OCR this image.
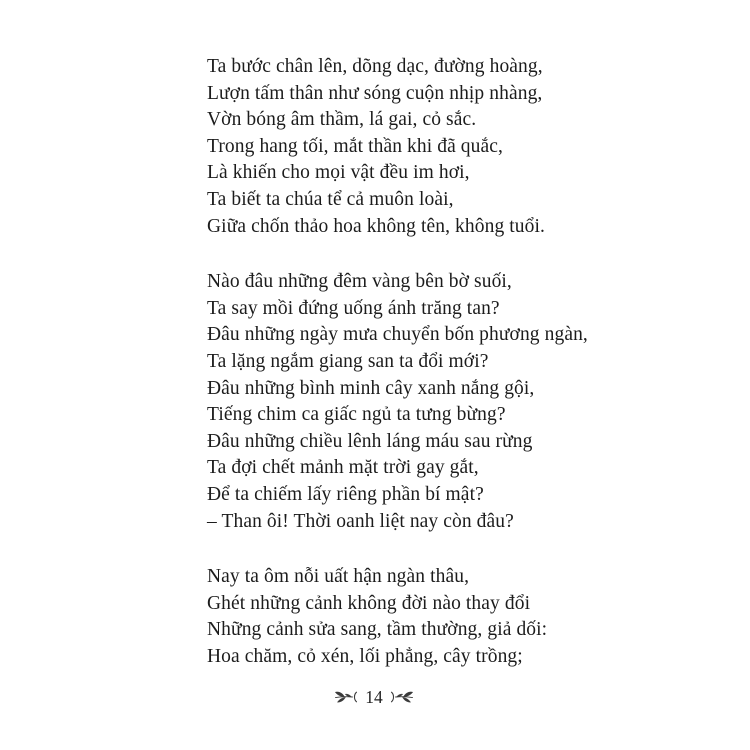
Ta bước chân lên, dõng dạc, đường hoàng,
Lượn tấm thân như sóng cuộn nhịp nhàng,
Vờn bóng âm thầm, lá gai, cỏ sắc.
Trong hang tối, mắt thần khi đã quắc,
Là khiến cho mọi vật đều im hơi,
Ta biết ta chúa tể cả muôn loài,
Giữa chốn thảo hoa không tên, không tuổi.
Nào đâu những đêm vàng bên bờ suối,
Ta say mồi đứng uống ánh trăng tan?
Đâu những ngày mưa chuyển bốn phương ngàn,
Ta lặng ngắm giang san ta đổi mới?
Đâu những bình minh cây xanh nắng gội,
Tiếng chim ca giấc ngủ ta tưng bừng?
Đâu những chiều lênh láng máu sau rừng
Ta đợi chết mảnh mặt trời gay gắt,
Để ta chiếm lấy riêng phần bí mật?
– Than ôi! Thời oanh liệt nay còn đâu?
Nay ta ôm nỗi uất hận ngàn thâu,
Ghét những cảnh không đời nào thay đổi
Những cảnh sửa sang, tầm thường, giả dối:
Hoa chăm, cỏ xén, lối phẳng, cây trồng;
14
